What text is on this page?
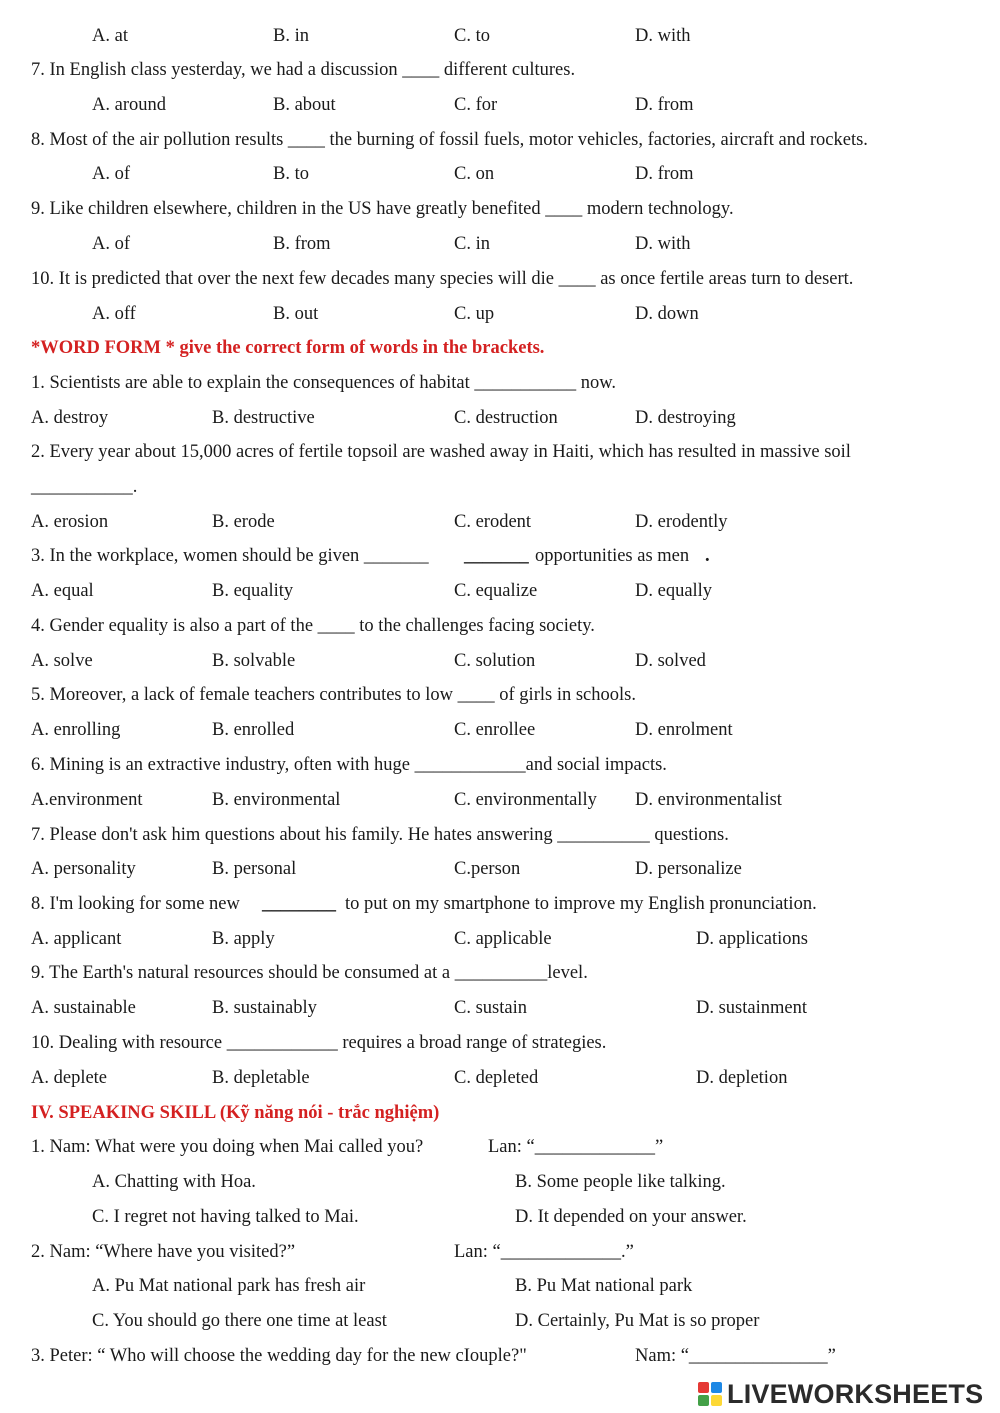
A. at	B. in	C. to	D. with
7. In English class yesterday, we had a discussion ____ different cultures.
A. around	B. about	C. for	D. from
8. Most of the air pollution results ____ the burning of fossil fuels, motor vehicles, factories, aircraft and rockets.
A. of	B. to	C. on	D. from
9. Like children elsewhere, children in the US have greatly benefited ____ modern technology.
A. of	B. from	C. in	D. with
10. It is predicted that over the next few decades many species will die ____ as once fertile areas turn to desert.
A. off	B. out	C. up	D. down
*WORD FORM * give the correct form of words in the brackets.
1. Scientists are able to explain the consequences of habitat ___________ now.
A. destroy	B. destructive	C. destruction	D. destroying
2. Every year about 15,000 acres of fertile topsoil are washed away in Haiti, which has resulted in massive soil
___________.
A. erosion	B. erode	C. erodent	D. erodently
3. In the workplace, women should be given _______ _______ opportunities as men .
A. equal	B. equality	C. equalize	D. equally
4. Gender equality is also a part of the ____ to the challenges facing society.
A. solve	B. solvable	C. solution	D. solved
5. Moreover, a lack of female teachers contributes to low ____ of girls in schools.
A. enrolling	B. enrolled	C. enrollee	D. enrolment
6. Mining is an extractive industry, often with huge ____________and social impacts.
A.environment	B. environmental	C. environmentally D. environmentalist
7. Please don't ask him questions about his family. He hates answering __________ questions.
A. personality	B. personal	C.person	D. personalize
8. I'm looking for some new ________ to put on my smartphone to improve my English pronunciation.
A. applicant	B. apply	C. applicable	D. applications
9. The Earth's natural resources should be consumed at a __________level.
A. sustainable	B. sustainably	C. sustain	D. sustainment
10. Dealing with resource ____________ requires a broad range of strategies.
A. deplete	B. depletable	C. depleted	D. depletion
IV. SPEAKING SKILL (Kỹ năng nói - trắc nghiệm)
1. Nam: What were you doing when Mai called you?	Lan: “_____________”
A. Chatting with Hoa.	B. Some people like talking.
C. I regret not having talked to Mai.	D. It depended on your answer.
2. Nam: “Where have you visited?”	Lan: “_____________.”
A. Pu Mat national park has fresh air	B. Pu Mat national park
C. You should go there one time at least	D. Certainly, Pu Mat is so proper
3. Peter: “ Who will choose the wedding day for the new cIouple?"	Nam: “_______________”
LIVEWORKSHEETS
